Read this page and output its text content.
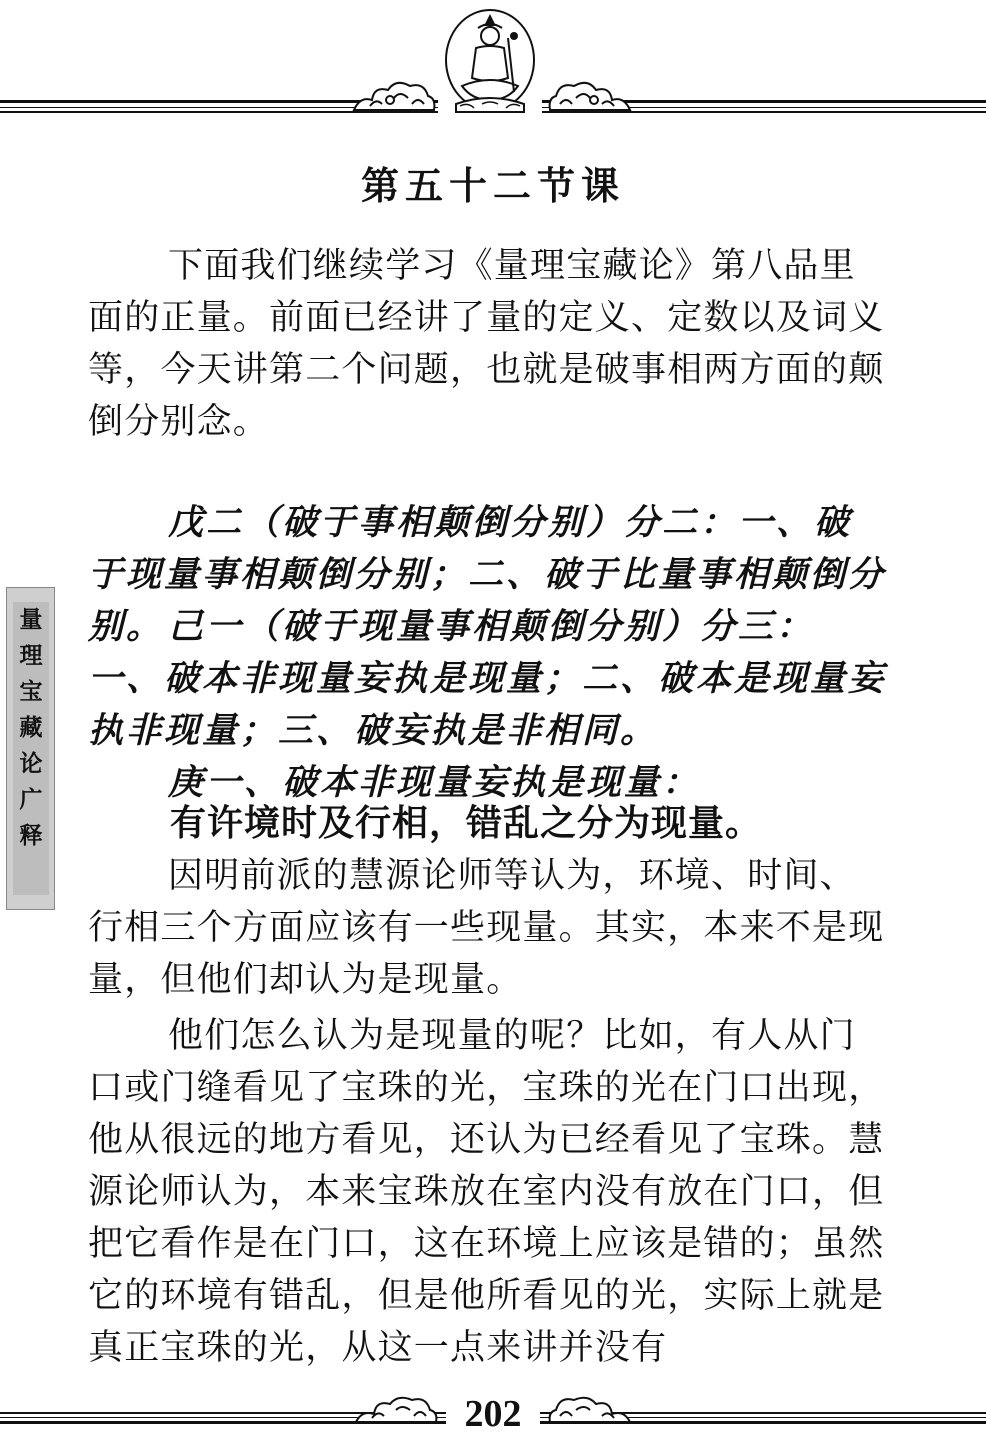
量
理
宝
藏
论
广
释
第五十二节课
下面我们继续学习《量理宝藏论》第八品里面的正量。前面已经讲了量的定义、定数以及词义等，今天讲第二个问题，也就是破事相两方面的颠倒分别念。
戊二（破于事相颠倒分别）分二：一、破于现量事相颠倒分别；二、破于比量事相颠倒分别。 己一（破于现量事相颠倒分别）分三：一、破本非现量妄执是现量；二、破本是现量妄执非现量；三、破妄执是非相同。
庚一、破本非现量妄执是现量：
有许境时及行相，错乱之分为现量。
因明前派的慧源论师等认为，环境、时间、行相三个方面应该有一些现量。其实，本来不是现量，但他们却认为是现量。
他们怎么认为是现量的呢？比如，有人从门口或门缝看见了宝珠的光，宝珠的光在门口出现，他从很远的地方看见，还认为已经看见了宝珠。慧源论师认为，本来宝珠放在室内没有放在门口，但把它看作是在门口，这在环境上应该是错的；虽然它的环境有错乱，但是他所看见的光，实际上就是真正宝珠的光，从这一点来讲并没有
202
